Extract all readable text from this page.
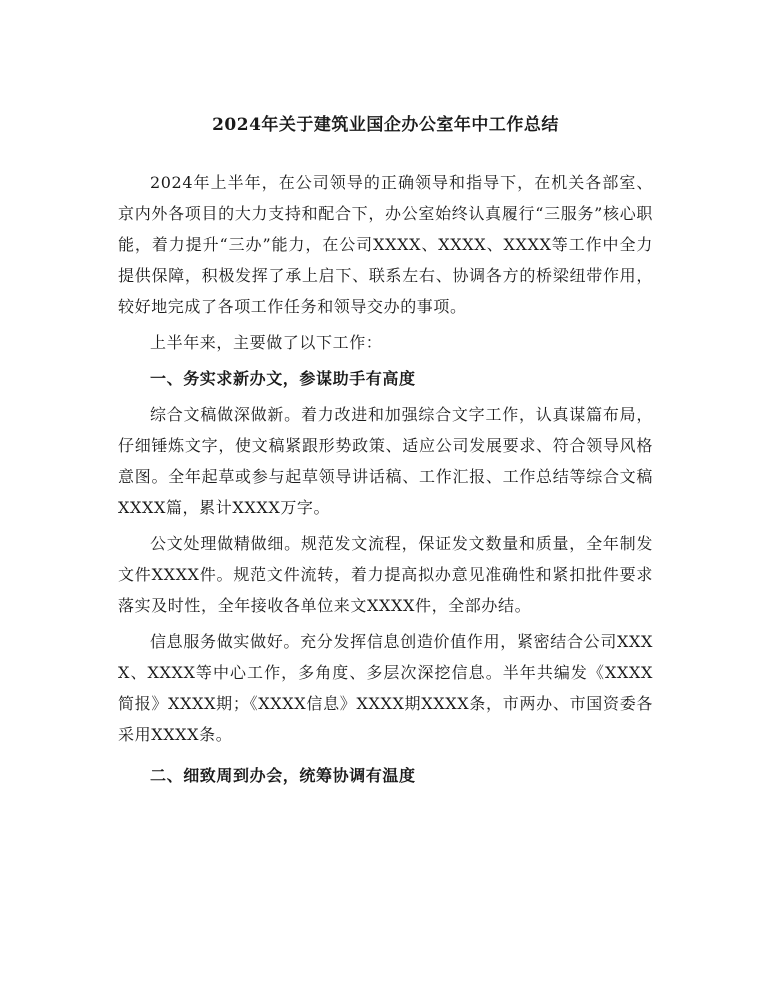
2024年关于建筑业国企办公室年中工作总结

2024年上半年，在公司领导的正确领导和指导下，在机关各部室、京内外各项目的大力支持和配合下，办公室始终认真履行“三服务”核心职能，着力提升“三办”能力，在公司XXXX、XXXX、XXXX等工作中全力提供保障，积极发挥了承上启下、联系左右、协调各方的桥梁纽带作用，较好地完成了各项工作任务和领导交办的事项。

上半年来，主要做了以下工作：

一、务实求新办文，参谋助手有高度

综合文稿做深做新。着力改进和加强综合文字工作，认真谋篇布局，仔细锤炼文字，使文稿紧跟形势政策、适应公司发展要求、符合领导风格意图。全年起草或参与起草领导讲话稿、工作汇报、工作总结等综合文稿XXXX篇，累计XXXX万字。

公文处理做精做细。规范发文流程，保证发文数量和质量，全年制发文件XXXX件。规范文件流转，着力提高拟办意见准确性和紧扣批件要求落实及时性，全年接收各单位来文XXXX件，全部办结。

信息服务做实做好。充分发挥信息创造价值作用，紧密结合公司XXXX、XXXX等中心工作，多角度、多层次深挖信息。半年共编发《XXXX简报》XXXX期；《XXXX信息》XXXX期XXXX条，市两办、市国资委各采用XXXX条。

二、细致周到办会，统筹协调有温度
